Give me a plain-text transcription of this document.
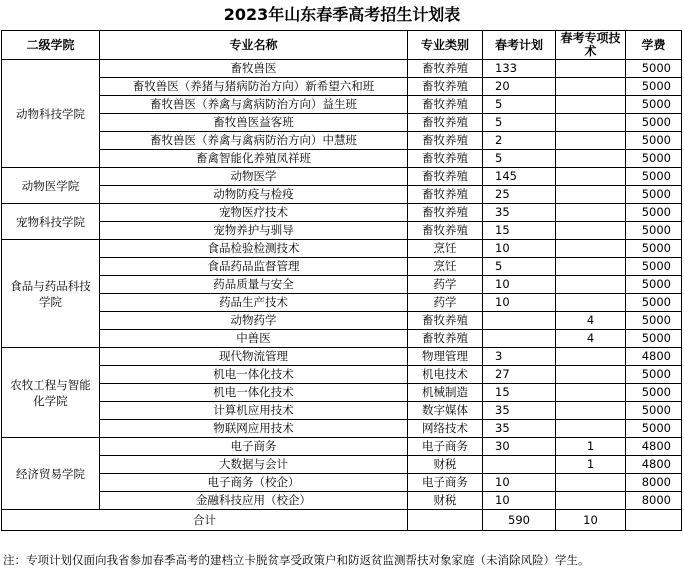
2023年山东春季高考招生计划表
二级学院	专业名称	专业类别	春考计划	春考专项技术	学费
动物科技学院	畜牧兽医	畜牧养殖	133		5000
	畜牧兽医（养猪与猪病防治方向）新希望六和班	畜牧养殖	20		5000
	畜牧兽医（养禽与禽病防治方向）益生班	畜牧养殖	5		5000
	畜牧兽医益客班	畜牧养殖	5		5000
	畜牧兽医（养禽与禽病防治方向）中慧班	畜牧养殖	2		5000
	畜禽智能化养殖凤祥班	畜牧养殖	5		5000
动物医学院	动物医学	畜牧养殖	145		5000
	动物防疫与检疫	畜牧养殖	25		5000
宠物科技学院	宠物医疗技术	畜牧养殖	35		5000
	宠物养护与驯导	畜牧养殖	15		5000
食品与药品科技学院	食品检验检测技术	烹饪	10		5000
	食品药品监督管理	烹饪	5		5000
	药品质量与安全	药学	10		5000
	药品生产技术	药学	10		5000
	动物药学	畜牧养殖		4	5000
	中兽医	畜牧养殖		4	5000
农牧工程与智能化学院	现代物流管理	物理管理	3		4800
	机电一体化技术	机电技术	27		5000
	机电一体化技术	机械制造	15		5000
	计算机应用技术	数字媒体	35		5000
	物联网应用技术	网络技术	35		5000
经济贸易学院	电子商务	电子商务	30	1	4800
	大数据与会计	财税		1	4800
	电子商务（校企）	电子商务	10		8000
	金融科技应用（校企）	财税	10		8000
合计			590	10	
注：专项计划仅面向我省参加春季高考的建档立卡脱贫享受政策户和防返贫监测帮扶对象家庭（未消除风险）学生。
